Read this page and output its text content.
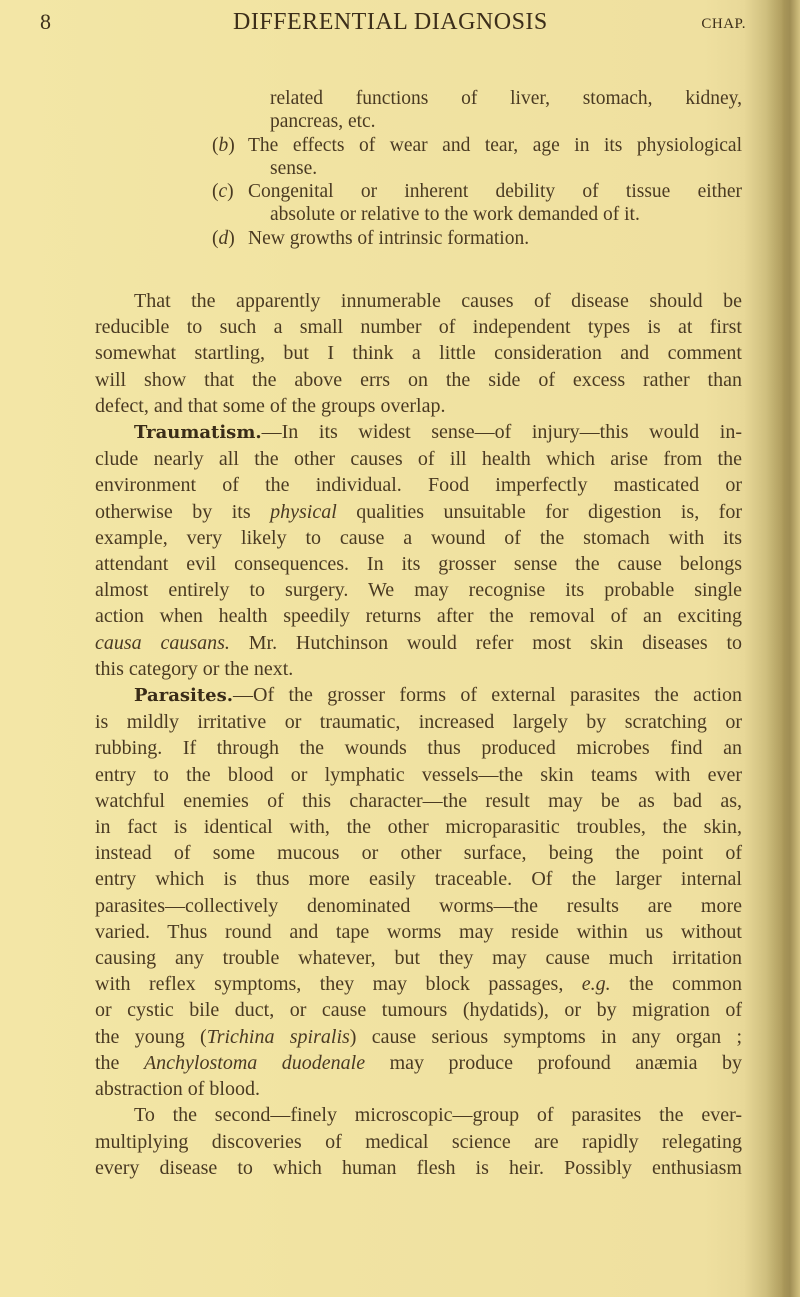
8	DIFFERENTIAL DIAGNOSIS	CHAP.
related functions of liver, stomach, kidney,
pancreas, etc.
(b) The effects of wear and tear, age in its physiological
sense.
(c) Congenital or inherent debility of tissue either
absolute or relative to the work demanded of it.
(d) New growths of intrinsic formation.
That the apparently innumerable causes of disease should be
reducible to such a small number of independent types is at first
somewhat startling, but I think a little consideration and comment
will show that the above errs on the side of excess rather than
defect, and that some of the groups overlap.
Traumatism.—In its widest sense—of injury—this would in-
clude nearly all the other causes of ill health which arise from the
environment of the individual. Food imperfectly masticated or
otherwise by its physical qualities unsuitable for digestion is, for
example, very likely to cause a wound of the stomach with its
attendant evil consequences. In its grosser sense the cause belongs
almost entirely to surgery. We may recognise its probable single
action when health speedily returns after the removal of an exciting
causa causans. Mr. Hutchinson would refer most skin diseases to
this category or the next.
Parasites.—Of the grosser forms of external parasites the action
is mildly irritative or traumatic, increased largely by scratching or
rubbing. If through the wounds thus produced microbes find an
entry to the blood or lymphatic vessels—the skin teams with ever
watchful enemies of this character—the result may be as bad as,
in fact is identical with, the other microparasitic troubles, the skin,
instead of some mucous or other surface, being the point of
entry which is thus more easily traceable. Of the larger internal
parasites—collectively denominated worms—the results are more
varied. Thus round and tape worms may reside within us without
causing any trouble whatever, but they may cause much irritation
with reflex symptoms, they may block passages, e.g. the common
or cystic bile duct, or cause tumours (hydatids), or by migration of
the young (Trichina spiralis) cause serious symptoms in any organ ;
the Anchylostoma duodenale may produce profound anæmia by
abstraction of blood.
To the second—finely microscopic—group of parasites the ever-
multiplying discoveries of medical science are rapidly relegating
every disease to which human flesh is heir. Possibly enthusiasm
